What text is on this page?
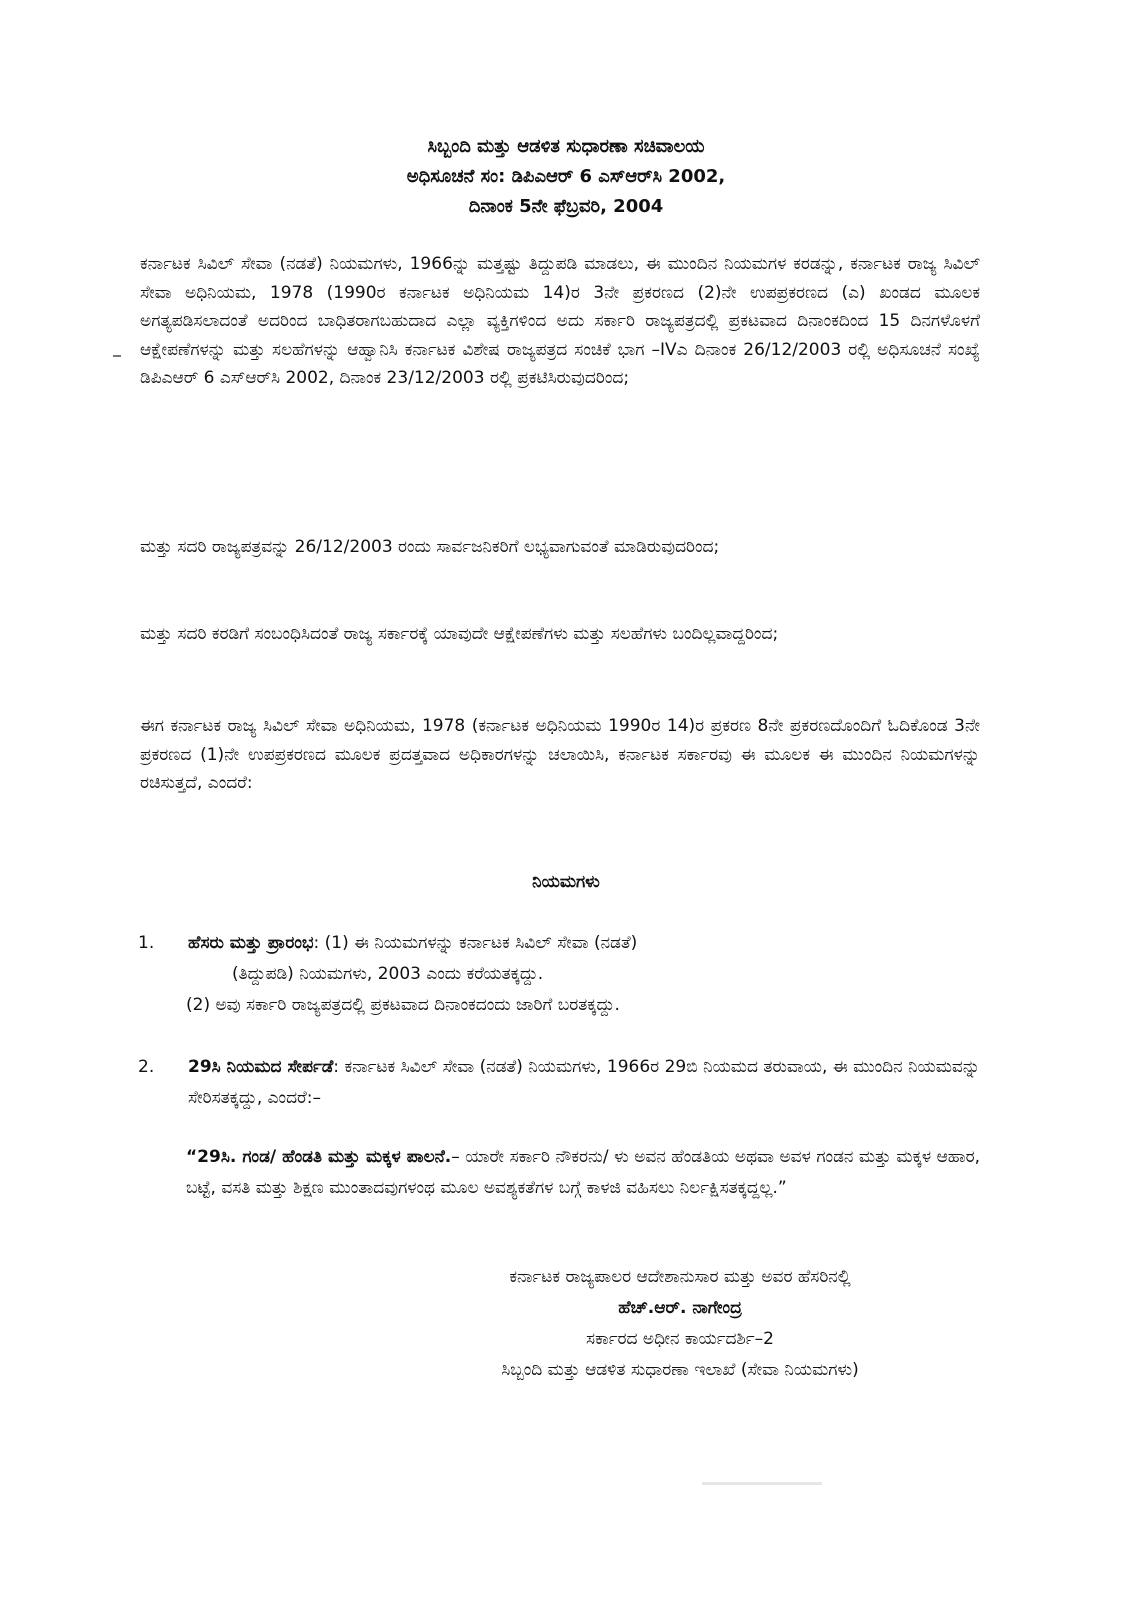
ಸಿಬ್ಬಂದಿ ಮತ್ತು ಆಡಳಿತ ಸುಧಾರಣಾ ಸಚಿವಾಲಯ
ಅಧಿಸೂಚನೆ ಸಂ: ಡಿಪಿಎಆರ್ 6 ಎಸ್ಆರ್‌ಸಿ 2002,
ದಿನಾಂಕ 5ನೇ ಫೆಬ್ರವರಿ, 2004
ಕರ್ನಾಟಕ ಸಿವಿಲ್ ಸೇವಾ (ನಡತೆ) ನಿಯಮಗಳು, 1966ನ್ನು ಮತ್ತಷ್ಟು ತಿದ್ದುಪಡಿ ಮಾಡಲು, ಈ ಮುಂದಿನ ನಿಯಮಗಳ ಕರಡನ್ನು, ಕರ್ನಾಟಕ ರಾಜ್ಯ ಸಿವಿಲ್ ಸೇವಾ ಅಧಿನಿಯಮ, 1978 (1990ರ ಕರ್ನಾಟಕ ಅಧಿನಿಯಮ 14)ರ 3ನೇ ಪ್ರಕರಣದ (2)ನೇ ಉಪಪ್ರಕರಣದ (ಎ) ಖಂಡದ ಮೂಲಕ ಅಗತ್ಯಪಡಿಸಲಾದಂತೆ ಅದರಿಂದ ಬಾಧಿತರಾಗಬಹುದಾದ ಎಲ್ಲಾ ವ್ಯಕ್ತಿಗಳಿಂದ ಅದು ಸರ್ಕಾರಿ ರಾಜ್ಯಪತ್ರದಲ್ಲಿ ಪ್ರಕಟವಾದ ದಿನಾಂಕದಿಂದ 15 ದಿನಗಳೊಳಗೆ ಆಕ್ಷೇಪಣೆಗಳನ್ನು ಮತ್ತು ಸಲಹೆಗಳನ್ನು ಆಹ್ವಾನಿಸಿ ಕರ್ನಾಟಕ ವಿಶೇಷ ರಾಜ್ಯಪತ್ರದ ಸಂಚಿಕೆ ಭಾಗ –IVಎ ದಿನಾಂಕ 26/12/2003 ರಲ್ಲಿ ಅಧಿಸೂಚನೆ ಸಂಖ್ಯೆ ಡಿಪಿಎಆರ್ 6 ಎಸ್ಆರ್‌ಸಿ 2002, ದಿನಾಂಕ 23/12/2003 ರಲ್ಲಿ ಪ್ರಕಟಿಸಿರುವುದರಿಂದ;
ಮತ್ತು ಸದರಿ ರಾಜ್ಯಪತ್ರವನ್ನು 26/12/2003 ರಂದು ಸಾರ್ವಜನಿಕರಿಗೆ ಲಭ್ಯವಾಗುವಂತೆ ಮಾಡಿರುವುದರಿಂದ;
ಮತ್ತು ಸದರಿ ಕರಡಿಗೆ ಸಂಬಂಧಿಸಿದಂತೆ ರಾಜ್ಯ ಸರ್ಕಾರಕ್ಕೆ ಯಾವುದೇ ಆಕ್ಷೇಪಣೆಗಳು ಮತ್ತು ಸಲಹೆಗಳು ಬಂದಿಲ್ಲವಾದ್ದರಿಂದ;
ಈಗ ಕರ್ನಾಟಕ ರಾಜ್ಯ ಸಿವಿಲ್ ಸೇವಾ ಅಧಿನಿಯಮ, 1978 (ಕರ್ನಾಟಕ ಅಧಿನಿಯಮ 1990ರ 14)ರ ಪ್ರಕರಣ 8ನೇ ಪ್ರಕರಣದೊಂದಿಗೆ ಓದಿಕೊಂಡ 3ನೇ ಪ್ರಕರಣದ (1)ನೇ ಉಪಪ್ರಕರಣದ ಮೂಲಕ ಪ್ರದತ್ತವಾದ ಅಧಿಕಾರಗಳನ್ನು ಚಲಾಯಿಸಿ, ಕರ್ನಾಟಕ ಸರ್ಕಾರವು ಈ ಮೂಲಕ ಈ ಮುಂದಿನ ನಿಯಮಗಳನ್ನು ರಚಿಸುತ್ತದೆ, ಎಂದರೆ:
ನಿಯಮಗಳು
1.	ಹೆಸರು ಮತ್ತು ಪ್ರಾರಂಭ: (1) ಈ ನಿಯಮಗಳನ್ನು ಕರ್ನಾಟಕ ಸಿವಿಲ್ ಸೇವಾ (ನಡತೆ)
(ತಿದ್ದುಪಡಿ) ನಿಯಮಗಳು, 2003 ಎಂದು ಕರೆಯತಕ್ಕದ್ದು.
(2) ಅವು ಸರ್ಕಾರಿ ರಾಜ್ಯಪತ್ರದಲ್ಲಿ ಪ್ರಕಟವಾದ ದಿನಾಂಕದಂದು ಜಾರಿಗೆ ಬರತಕ್ಕದ್ದು.
2.	29ಸಿ ನಿಯಮದ ಸೇರ್ಪಡೆ: ಕರ್ನಾಟಕ ಸಿವಿಲ್ ಸೇವಾ (ನಡತೆ) ನಿಯಮಗಳು, 1966ರ 29ಬಿ ನಿಯಮದ ತರುವಾಯ, ಈ ಮುಂದಿನ ನಿಯಮವನ್ನು ಸೇರಿಸತಕ್ಕದ್ದು, ಎಂದರೆ:–
“29ಸಿ. ಗಂಡ/ ಹೆಂಡತಿ ಮತ್ತು ಮಕ್ಕಳ ಪಾಲನೆ.– ಯಾರೇ ಸರ್ಕಾರಿ ನೌಕರನು/ ಳು ಅವನ ಹೆಂಡತಿಯ ಅಥವಾ ಅವಳ ಗಂಡನ ಮತ್ತು ಮಕ್ಕಳ ಆಹಾರ, ಬಟ್ಟೆ, ವಸತಿ ಮತ್ತು ಶಿಕ್ಷಣ ಮುಂತಾದವುಗಳಂಥ ಮೂಲ ಅವಶ್ಯಕತೆಗಳ ಬಗ್ಗೆ ಕಾಳಜಿ ವಹಿಸಲು ನಿರ್ಲಕ್ಷಿಸತಕ್ಕದ್ದಲ್ಲ.”
ಕರ್ನಾಟಕ ರಾಜ್ಯಪಾಲರ ಆದೇಶಾನುಸಾರ ಮತ್ತು ಅವರ ಹೆಸರಿನಲ್ಲಿ
ಹೆಚ್.ಆರ್. ನಾಗೇಂದ್ರ
ಸರ್ಕಾರದ ಅಧೀನ ಕಾರ್ಯದರ್ಶಿ–2
ಸಿಬ್ಬಂದಿ ಮತ್ತು ಆಡಳಿತ ಸುಧಾರಣಾ ಇಲಾಖೆ (ಸೇವಾ ನಿಯಮಗಳು)
